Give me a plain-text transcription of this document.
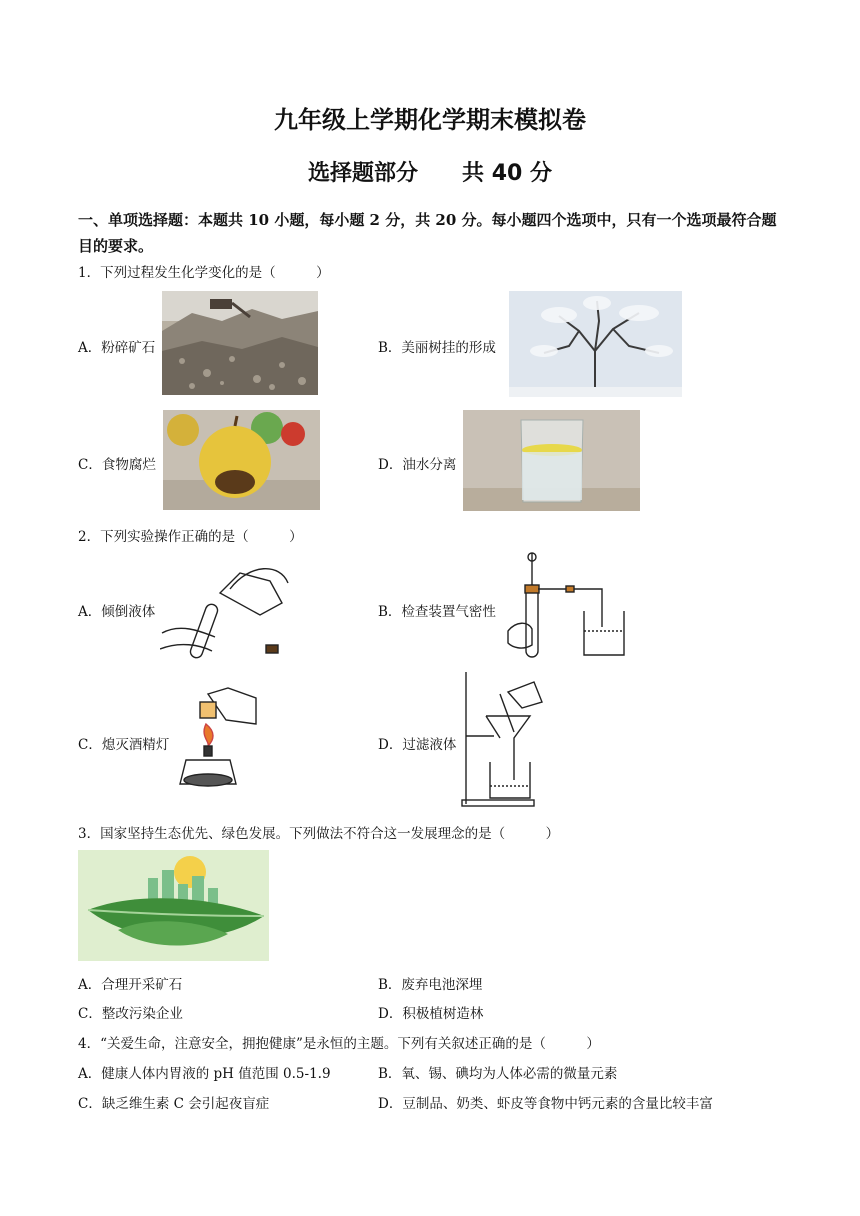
九年级上学期化学期末模拟卷
选择题部分　　共 40 分
一、单项选择题：本题共 10 小题，每小题 2 分，共 20 分。每小题四个选项中，只有一个选项最符合题目的要求。
1．下列过程发生化学变化的是（　　　）
A．粉碎矿石	B．美丽树挂的形成
C．食物腐烂	D．油水分离
2．下列实验操作正确的是（　　　）
A．倾倒液体	B．检查装置气密性
C．熄灭酒精灯	D．过滤液体
3．国家坚持生态优先、绿色发展。下列做法不符合这一发展理念的是（　　　）
A．合理开采矿石	B．废弃电池深埋
C．整改污染企业	D．积极植树造林
4．“关爱生命，注意安全，拥抱健康”是永恒的主题。下列有关叙述正确的是（　　　）
A．健康人体内胃液的 pH 值范围 0.5-1.9	B．氧、锡、碘均为人体必需的微量元素
C．缺乏维生素 C 会引起夜盲症	D．豆制品、奶类、虾皮等食物中钙元素的含量比较丰富
